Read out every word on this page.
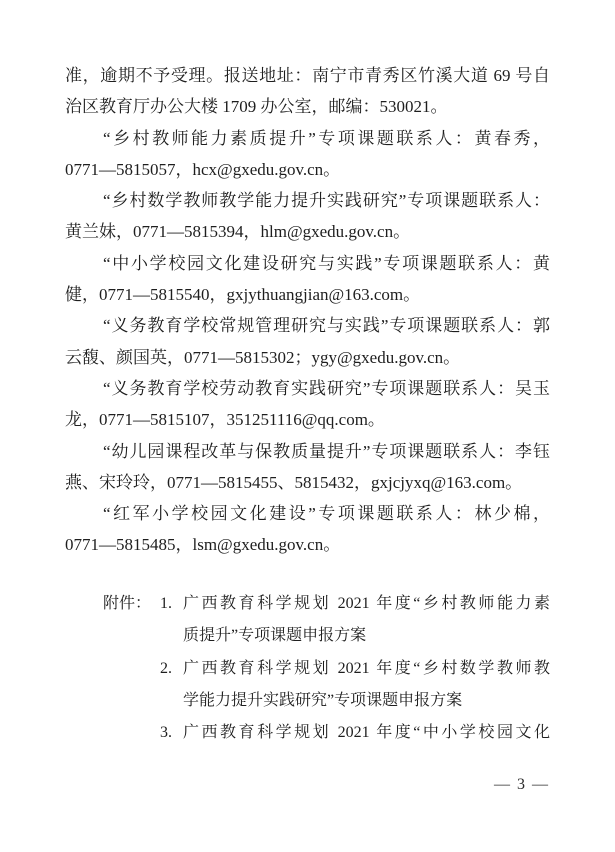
准，逾期不予受理。报送地址：南宁市青秀区竹溪大道 69 号自
治区教育厅办公大楼 1709 办公室，邮编：530021。
“乡村教师能力素质提升”专项课题联系人：黄春秀，
0771—5815057，hcx@gxedu.gov.cn。
“乡村数学教师教学能力提升实践研究”专项课题联系人：
黄兰妹，0771—5815394，hlm@gxedu.gov.cn。
“中小学校园文化建设研究与实践”专项课题联系人：黄
健，0771—5815540，gxjythuangjian@163.com。
“义务教育学校常规管理研究与实践”专项课题联系人：郭
云馥、颜国英，0771—5815302；ygy@gxedu.gov.cn。
“义务教育学校劳动教育实践研究”专项课题联系人：吴玉
龙，0771—5815107，351251116@qq.com。
“幼儿园课程改革与保教质量提升”专项课题联系人：李钰
燕、宋玲玲，0771—5815455、5815432，gxjcjyxq@163.com。
“红军小学校园文化建设”专项课题联系人：林少棉，
0771—5815485，lsm@gxedu.gov.cn。
附件： 1. 广西教育科学规划 2021 年度“乡村教师能力素
质提升”专项课题申报方案
2. 广西教育科学规划 2021 年度“乡村数学教师教
学能力提升实践研究”专项课题申报方案
3. 广西教育科学规划 2021 年度“中小学校园文化
— 3 —
